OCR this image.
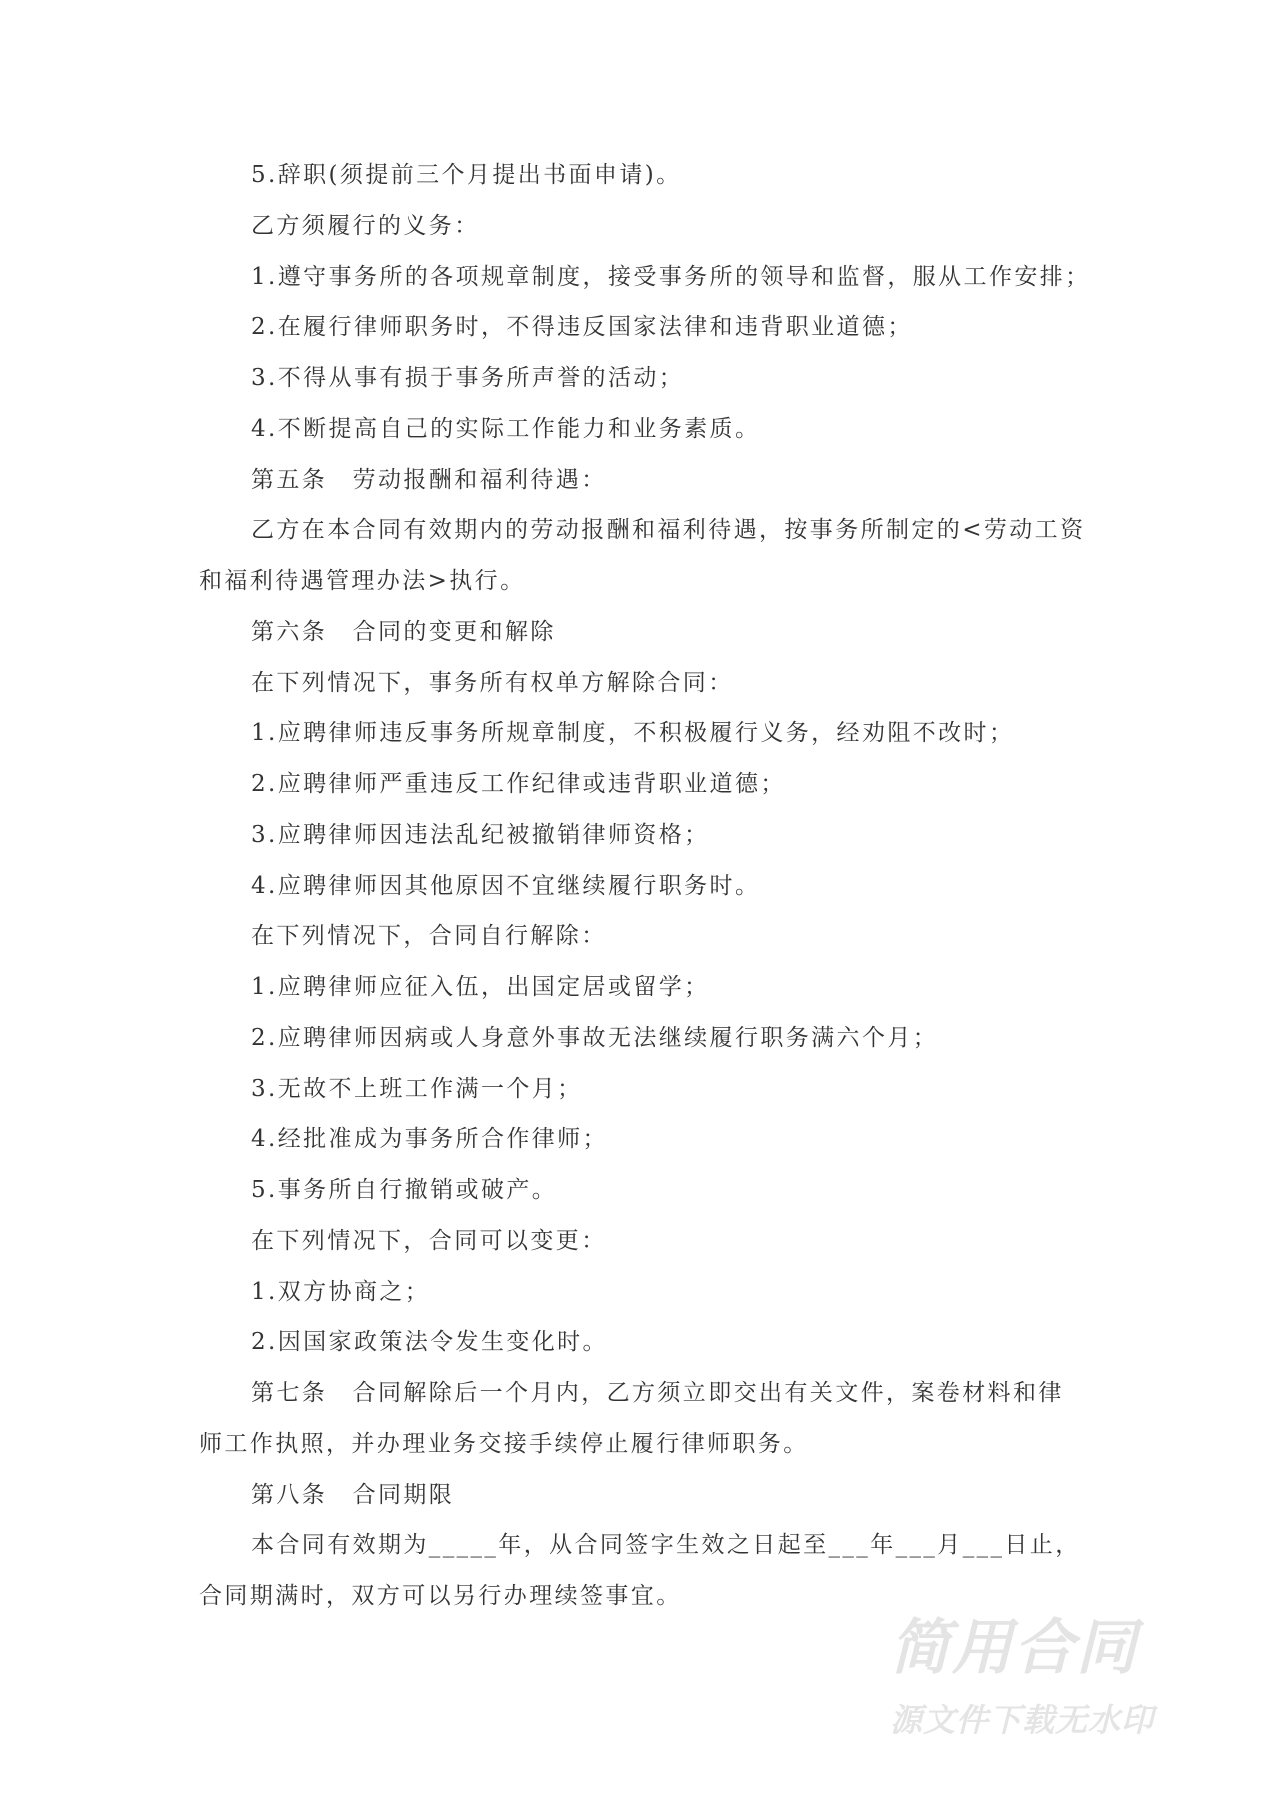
5.辞职(须提前三个月提出书面申请)。
乙方须履行的义务：
1.遵守事务所的各项规章制度，接受事务所的领导和监督，服从工作安排；
2.在履行律师职务时，不得违反国家法律和违背职业道德；
3.不得从事有损于事务所声誉的活动；
4.不断提高自己的实际工作能力和业务素质。
第五条　劳动报酬和福利待遇：
乙方在本合同有效期内的劳动报酬和福利待遇，按事务所制定的<劳动工资
和福利待遇管理办法>执行。
第六条　合同的变更和解除
在下列情况下，事务所有权单方解除合同：
1.应聘律师违反事务所规章制度，不积极履行义务，经劝阻不改时；
2.应聘律师严重违反工作纪律或违背职业道德；
3.应聘律师因违法乱纪被撤销律师资格；
4.应聘律师因其他原因不宜继续履行职务时。
在下列情况下，合同自行解除：
1.应聘律师应征入伍，出国定居或留学；
2.应聘律师因病或人身意外事故无法继续履行职务满六个月；
3.无故不上班工作满一个月；
4.经批准成为事务所合作律师；
5.事务所自行撤销或破产。
在下列情况下，合同可以变更：
1.双方协商之；
2.因国家政策法令发生变化时。
第七条　合同解除后一个月内，乙方须立即交出有关文件，案卷材料和律
师工作执照，并办理业务交接手续停止履行律师职务。
第八条　合同期限
本合同有效期为_____年，从合同签字生效之日起至___年___月___日止，
合同期满时，双方可以另行办理续签事宜。
简用合同
源文件下载无水印
